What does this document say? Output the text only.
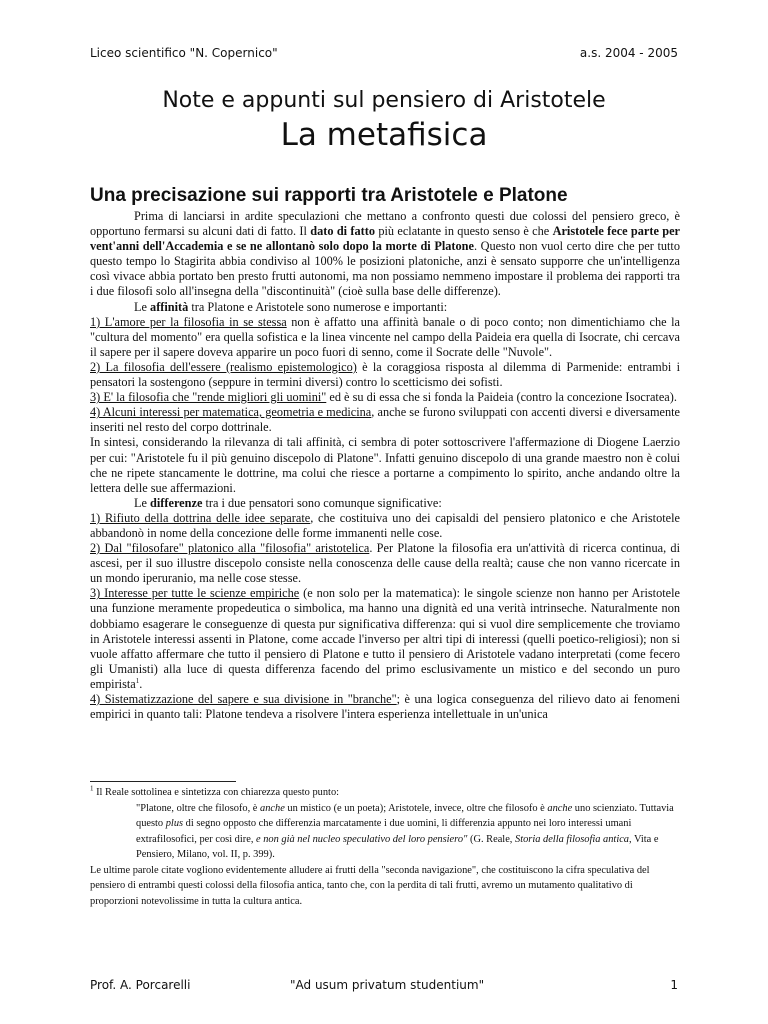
Liceo scientifico "N. Copernico"	a.s. 2004 - 2005
Note e appunti sul pensiero di Aristotele
La metafisica
Una precisazione sui rapporti tra Aristotele e Platone

Prima di lanciarsi in ardite speculazioni che mettano a confronto questi due colossi del pensiero greco, è opportuno fermarsi su alcuni dati di fatto. Il dato di fatto più eclatante in questo senso è che Aristotele fece parte per vent'anni dell'Accademia e se ne allontanò solo dopo la morte di Platone. Questo non vuol certo dire che per tutto questo tempo lo Stagirita abbia condiviso al 100% le posizioni platoniche, anzi è sensato supporre che un'intelligenza così vivace abbia portato ben presto frutti autonomi, ma non possiamo nemmeno impostare il problema dei rapporti tra i due filosofi solo all'insegna della "discontinuità" (cioè sulla base delle differenze).

Le affinità tra Platone e Aristotele sono numerose e importanti:

1) L'amore per la filosofia in se stessa non è affatto una affinità banale o di poco conto; non dimentichiamo che la "cultura del momento" era quella sofistica e la linea vincente nel campo della Paideia era quella di Isocrate, chi cercava il sapere per il sapere doveva apparire un poco fuori di senno, come il Socrate delle "Nuvole".

2) La filosofia dell'essere (realismo epistemologico) è la coraggiosa risposta al dilemma di Parmenide: entrambi i pensatori la sostengono (seppure in termini diversi) contro lo scetticismo dei sofisti.

3) E' la filosofia che "rende migliori gli uomini" ed è su di essa che si fonda la Paideia (contro la concezione Isocratea).

4) Alcuni interessi per matematica, geometria e medicina, anche se furono sviluppati con accenti diversi e diversamente inseriti nel resto del corpo dottrinale.

In sintesi, considerando la rilevanza di tali affinità, ci sembra di poter sottoscrivere l'affermazione di Diogene Laerzio per cui: "Aristotele fu il più genuino discepolo di Platone". Infatti genuino discepolo di una grande maestro non è colui che ne ripete stancamente le dottrine, ma colui che riesce a portarne a compimento lo spirito, anche andando oltre la lettera delle sue affermazioni.

Le differenze tra i due pensatori sono comunque significative:

1) Rifiuto della dottrina delle idee separate, che costituiva uno dei capisaldi del pensiero platonico e che Aristotele abbandonò in nome della concezione delle forme immanenti nelle cose.

2) Dal "filosofare" platonico alla "filosofia" aristotelica. Per Platone la filosofia era un'attività di ricerca continua, di ascesi, per il suo illustre discepolo consiste nella conoscenza delle cause della realtà; cause che non vanno ricercate in un mondo iperuranio, ma nelle cose stesse.

3) Interesse per tutte le scienze empiriche (e non solo per la matematica): le singole scienze non hanno per Aristotele una funzione meramente propedeutica o simbolica, ma hanno una dignità ed una verità intrinseche. Naturalmente non dobbiamo esagerare le conseguenze di questa pur significativa differenza: qui si vuol dire semplicemente che troviamo in Aristotele interessi assenti in Platone, come accade l'inverso per altri tipi di interessi (quelli poetico-religiosi); non si vuole affatto affermare che tutto il pensiero di Platone e tutto il pensiero di Aristotele vadano interpretati (come fecero gli Umanisti) alla luce di questa differenza facendo del primo esclusivamente un mistico e del secondo un puro empirista$^1$.

4) Sistematizzazione del sapere e sua divisione in "branche"; è una logica conseguenza del rilievo dato ai fenomeni empirici in quanto tali: Platone tendeva a risolvere l'intera esperienza intellettuale in un'unica

$^1$ Il Reale sottolinea e sintetizza con chiarezza questo punto:

"Platone, oltre che filosofo, è anche un mistico (e un poeta); Aristotele, invece, oltre che filosofo è anche uno scienziato. Tuttavia questo plus di segno opposto che differenzia marcatamente i due uomini, li differenzia appunto nei loro interessi umani extrafilosofici, per così dire, e non già nel nucleo speculativo del loro pensiero" (G. Reale, Storia della filosofia antica, Vita e Pensiero, Milano, vol. II, p. 399).

Le ultime parole citate vogliono evidentemente alludere ai frutti della "seconda navigazione", che costituiscono la cifra speculativa del pensiero di entrambi questi colossi della filosofia antica, tanto che, con la perdita di tali frutti, avremo un mutamento qualitativo di proporzioni notevolissime in tutta la cultura antica.

Prof. A. Porcarelli	"Ad usum privatum studentium"	1
